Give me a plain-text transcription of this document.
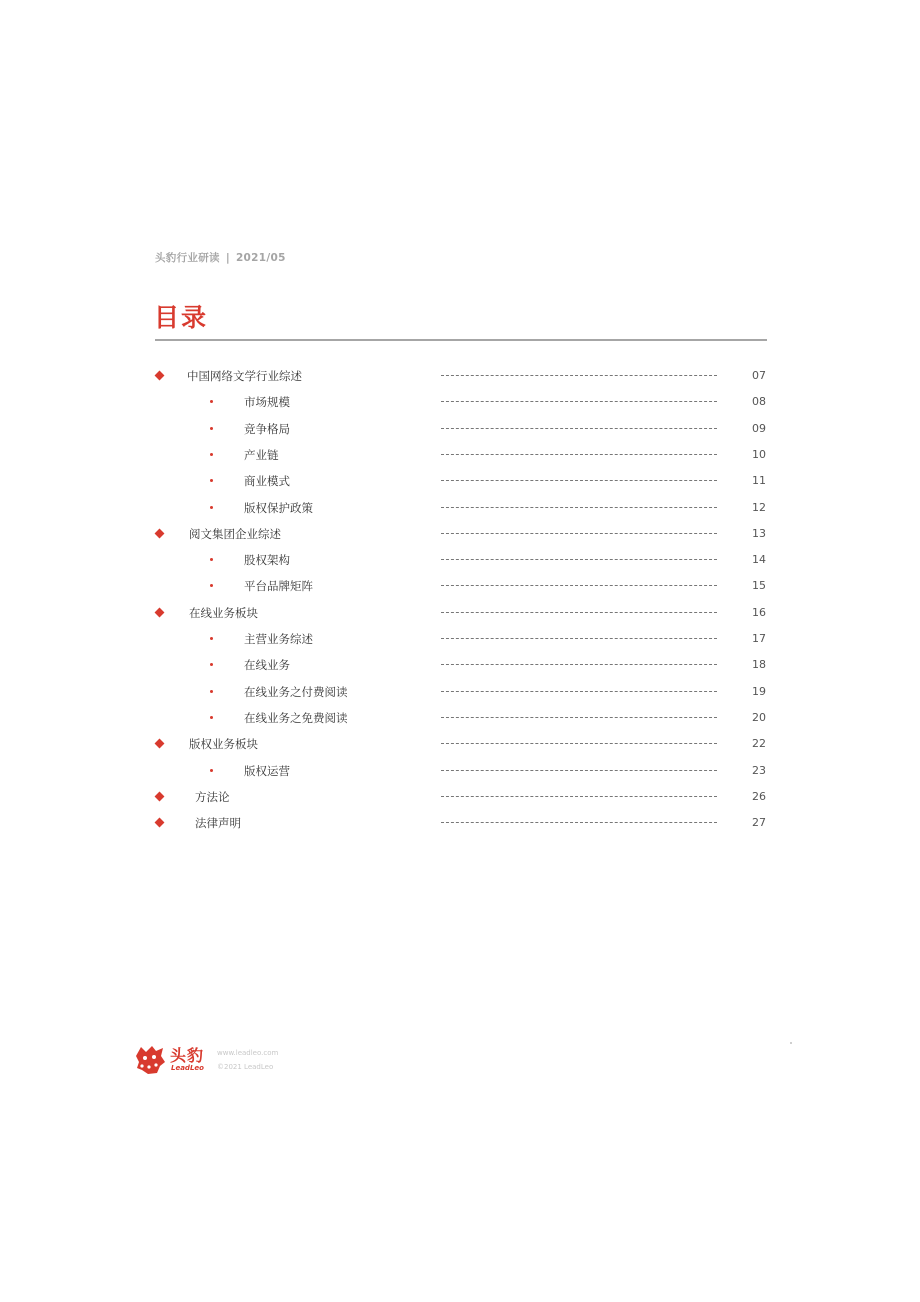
头豹行业研读 | 2021/05
目录
中国网络文学行业综述	07
市场规模	08
竞争格局	09
产业链	10
商业模式	11
版权保护政策	12
阅文集团企业综述	13
股权架构	14
平台品牌矩阵	15
在线业务板块	16
主营业务综述	17
在线业务	18
在线业务之付费阅读	19
在线业务之免费阅读	20
版权业务板块	22
版权运营	23
方法论	26
法律声明	27
头豹
LeadLeo
www.leadleo.com
©2021 LeadLeo
